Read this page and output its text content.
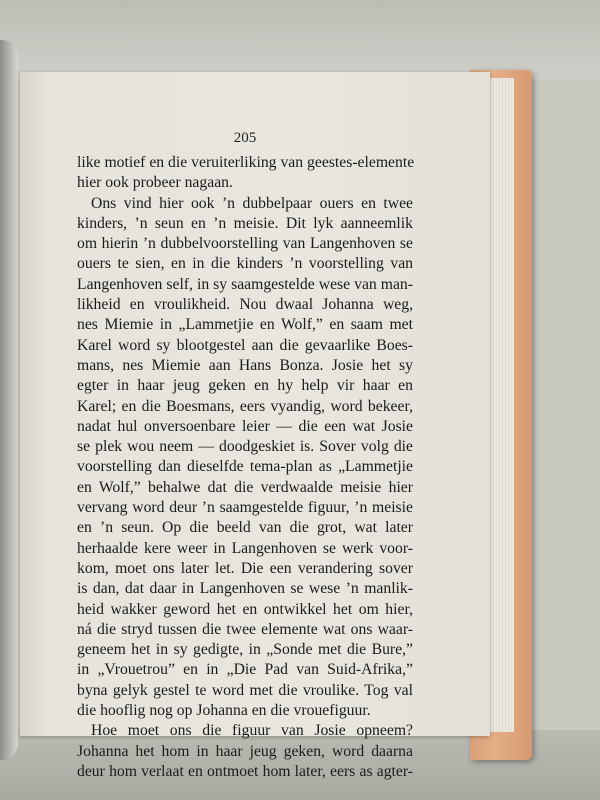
205
like motief en die veruiterliking van geestes-elemente
hier ook probeer nagaan.
Ons vind hier ook ’n dubbelpaar ouers en twee
kinders, ’n seun en ’n meisie. Dit lyk aanneemlik
om hierin ’n dubbelvoorstelling van Langenhoven se
ouers te sien, en in die kinders ’n voorstelling van
Langenhoven self, in sy saamgestelde wese van man-
likheid en vroulikheid. Nou dwaal Johanna weg,
nes Miemie in „Lammetjie en Wolf,” en saam met
Karel word sy blootgestel aan die gevaarlike Boes-
mans, nes Miemie aan Hans Bonza. Josie het sy
egter in haar jeug geken en hy help vir haar en
Karel; en die Boesmans, eers vyandig, word bekeer,
nadat hul onversoenbare leier — die een wat Josie
se plek wou neem — doodgeskiet is. Sover volg die
voorstelling dan dieselfde tema-plan as „Lammetjie
en Wolf,” behalwe dat die verdwaalde meisie hier
vervang word deur ’n saamgestelde figuur, ’n meisie
en ’n seun. Op die beeld van die grot, wat later
herhaalde kere weer in Langenhoven se werk voor-
kom, moet ons later let. Die een verandering sover
is dan, dat daar in Langenhoven se wese ’n manlik-
heid wakker geword het en ontwikkel het om hier,
ná die stryd tussen die twee elemente wat ons waar-
geneem het in sy gedigte, in „Sonde met die Bure,”
in „Vrouetrou” en in „Die Pad van Suid-Afrika,”
byna gelyk gestel te word met die vroulike. Tog val
die hooflig nog op Johanna en die vrouefiguur.
Hoe moet ons die figuur van Josie opneem?
Johanna het hom in haar jeug geken, word daarna
deur hom verlaat en ontmoet hom later, eers as agter-
